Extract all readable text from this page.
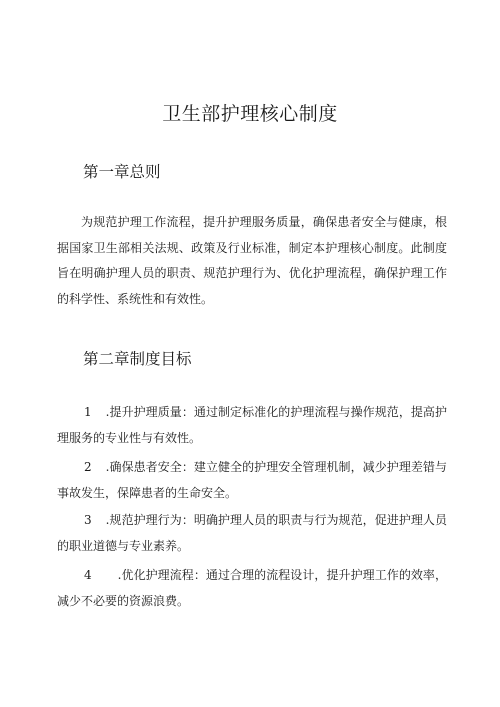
卫生部护理核心制度
第一章总则

为规范护理工作流程，提升护理服务质量，确保患者安全与健康，根据国家卫生部相关法规、政策及行业标准，制定本护理核心制度。此制度旨在明确护理人员的职责、规范护理行为、优化护理流程，确保护理工作的科学性、系统性和有效性。

第二章制度目标

1 .提升护理质量：通过制定标准化的护理流程与操作规范，提高护理服务的专业性与有效性。

2 .确保患者安全：建立健全的护理安全管理机制，减少护理差错与事故发生，保障患者的生命安全。

3 .规范护理行为：明确护理人员的职责与行为规范，促进护理人员的职业道德与专业素养。

4 .优化护理流程：通过合理的流程设计，提升护理工作的效率，减少不必要的资源浪费。
